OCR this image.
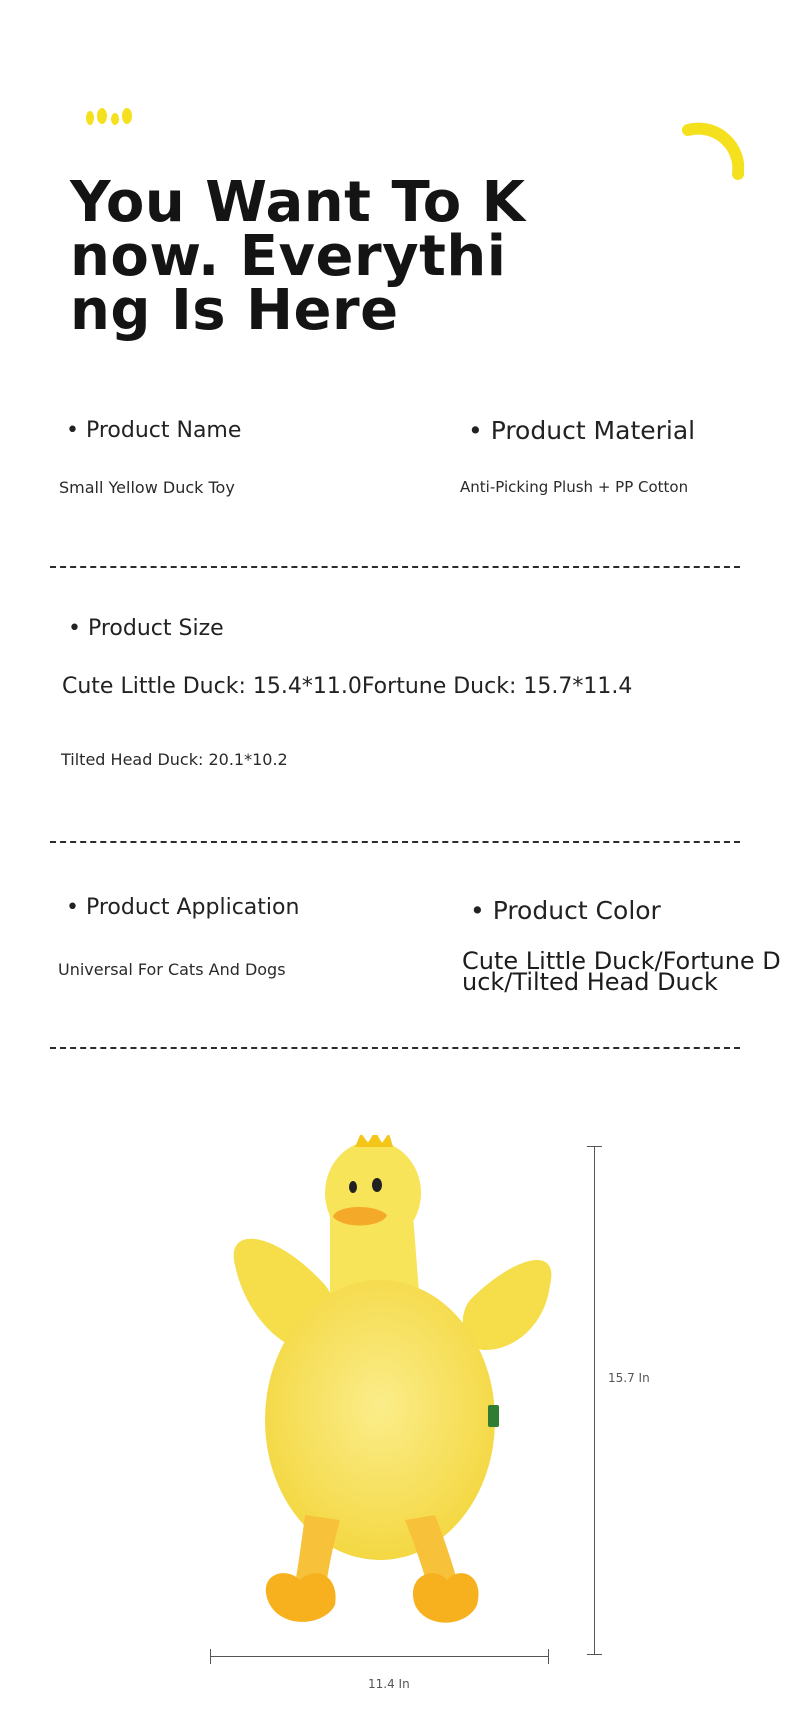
You Want To Know. Everything Is Here
• Product Name
Small Yellow Duck Toy
• Product Material
Anti-Picking Plush + PP Cotton
• Product Size
Cute Little Duck: 15.4*11.0Fortune Duck: 15.7*11.4
Tilted Head Duck: 20.1*10.2
• Product Application
Universal For Cats And Dogs
• Product Color
Cute Little Duck/Fortune Duck/Tilted Head Duck
15.7 In
11.4 In
